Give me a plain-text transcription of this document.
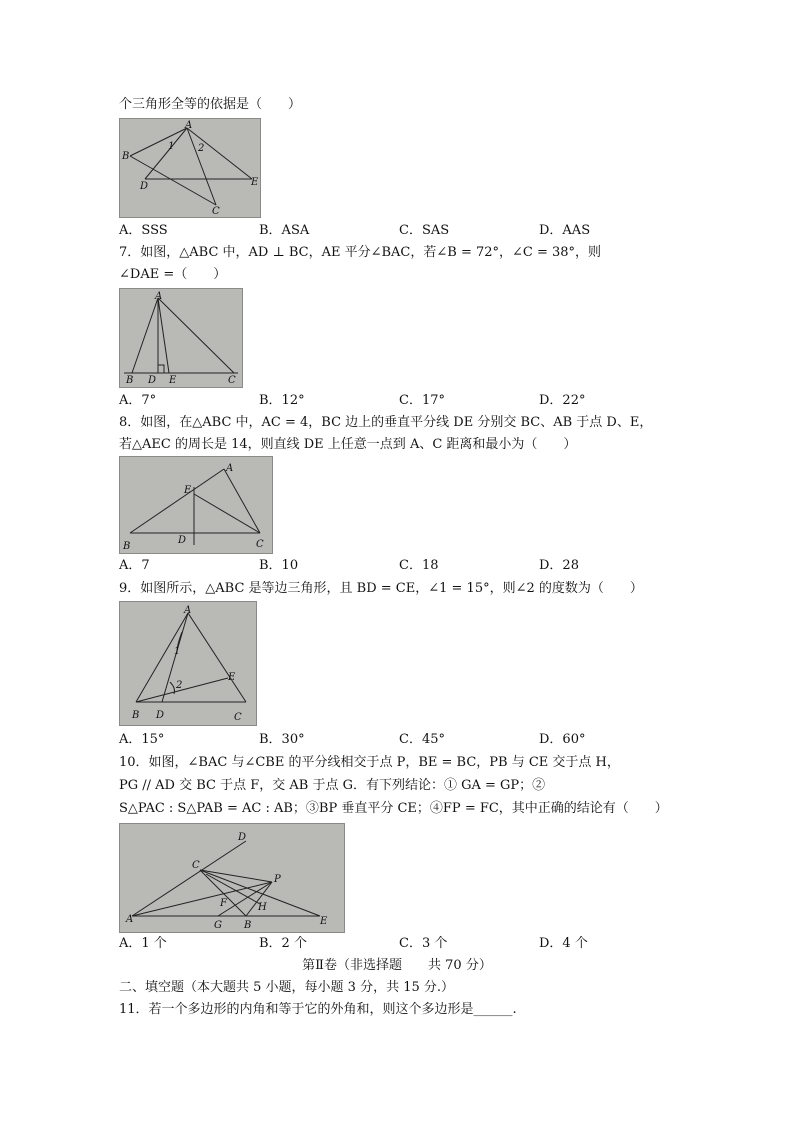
个三角形全等的依据是（　　）
A
B
D	E
C
1 2
A．SSS	B．ASA	C．SAS	D．AAS
7．如图，△ABC 中，AD ⊥ BC，AE 平分∠BAC，若∠B = 72°，∠C = 38°，则
∠DAE =（　　）
A
B D E	C
A．7°	B．12°	C．17°	D．22°
8．如图，在△ABC 中，AC = 4，BC 边上的垂直平分线 DE 分别交 BC、AB 于点 D、E，
若△AEC 的周长是 14，则直线 DE 上任意一点到 A、C 距离和最小为（　　）
A
E
B
D	C
A．7	B．10	C．18	D．28
9．如图所示，△ABC 是等边三角形，且 BD = CE，∠1 = 15°，则∠2 的度数为（　　）
A
1
2
E
B D	C
A．15°	B．30°	C．45°	D．60°
10．如图，∠BAC 与∠CBE 的平分线相交于点 P，BE = BC，PB 与 CE 交于点 H，
PG // AD 交 BC 于点 F，交 AB 于点 G．有下列结论：① GA = GP；②
S△PAC : S△PAB = AC : AB；③BP 垂直平分 CE；④FP = FC，其中正确的结论有（　　）
D
C
P
F	H
A
G B	E
A．1 个	B．2 个	C．3 个	D．4 个
第Ⅱ卷（非选择题　　共 70 分）
二、填空题（本大题共 5 小题，每小题 3 分，共 15 分.）
11．若一个多边形的内角和等于它的外角和，则这个多边形是______.
